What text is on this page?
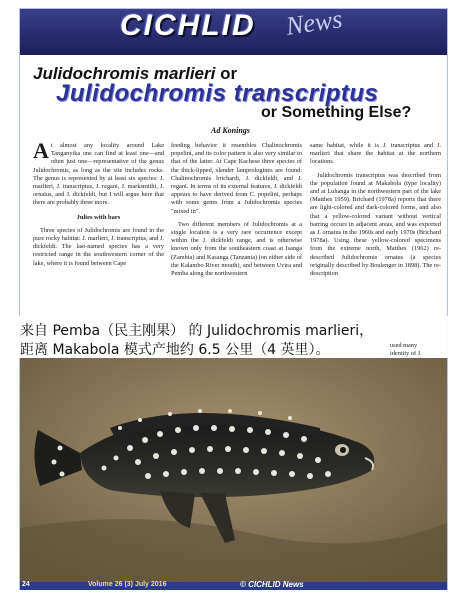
CICHLID News
Julidochromis marlieri or
Julidochromis transcriptus
or Something Else?
Ad Konings

At almost any locality around Lake Tanganyika one can find at least one—and often just one—representative of the genus Julidochromis, as long as the site includes rocks. The genus is represented by at least six species: J. marlieri, J. transcriptus, J. regani, J. marksmithi, J. ornatus, and J. dickfeldi, but I will argue here that there are probably three more.

Julies with bars

Three species of Julidochromis are found in the pure rocky habitat: J. marlieri, J. transcriptus, and J. dickfeldi. The last-named species has a very restricted range in the southwestern corner of the lake, where it is found between Cape

feeding behavior it resembles Chalinochromis popelini, and its color pattern is also very similar to that of the latter. At Cape Kachese three species of the thick-lipped, slender lamprologines are found: Chalinochromis brichardi, J. dickfeldi, and J. regani. In terms of its external features, J. dickfeldi appears to have derived from C. popelini, perhaps with some genes from a Julidochromis species "mixed in".

Two different members of Julidochromis at a single location is a very rare occurrence except within the J. dickfeldi range, and is otherwise known only from the southeastern coast at Isanga (Zambia) and Kasanga (Tanzania) (on either side of the Kalambo River mouth), and between Uvira and Pemba along the northwestern

same habitat, while it is J. transcriptus and J. marlieri that share the habitat at the northern locations.

Julidochromis transcriptus was described from the population found at Makabola (type locality) and at Luhanga in the northwestern part of the lake (Matthes 1959). Brichard (1978a) reports that there are light-colored and dark-colored forms, and also that a yellow-colored variant without vertical barring occurs in adjacent areas, and was exported as J. ornatus in the 1960s and early 1970s (Brichard 1978a). Using these yellow-colored specimens from the extreme north, Matthes (1962) re-described Julidochromis ornatus (a species originally described by Boulenger in 1898). The re-description

来自 Pemba（民主刚果） 的 Julidochromis marlieri，
距离 Makabola 模式产地约 6.5 公里（4 英里）。	used many
identity of J.
24	Volume 26 (3) July 2016	© CICHLID News
